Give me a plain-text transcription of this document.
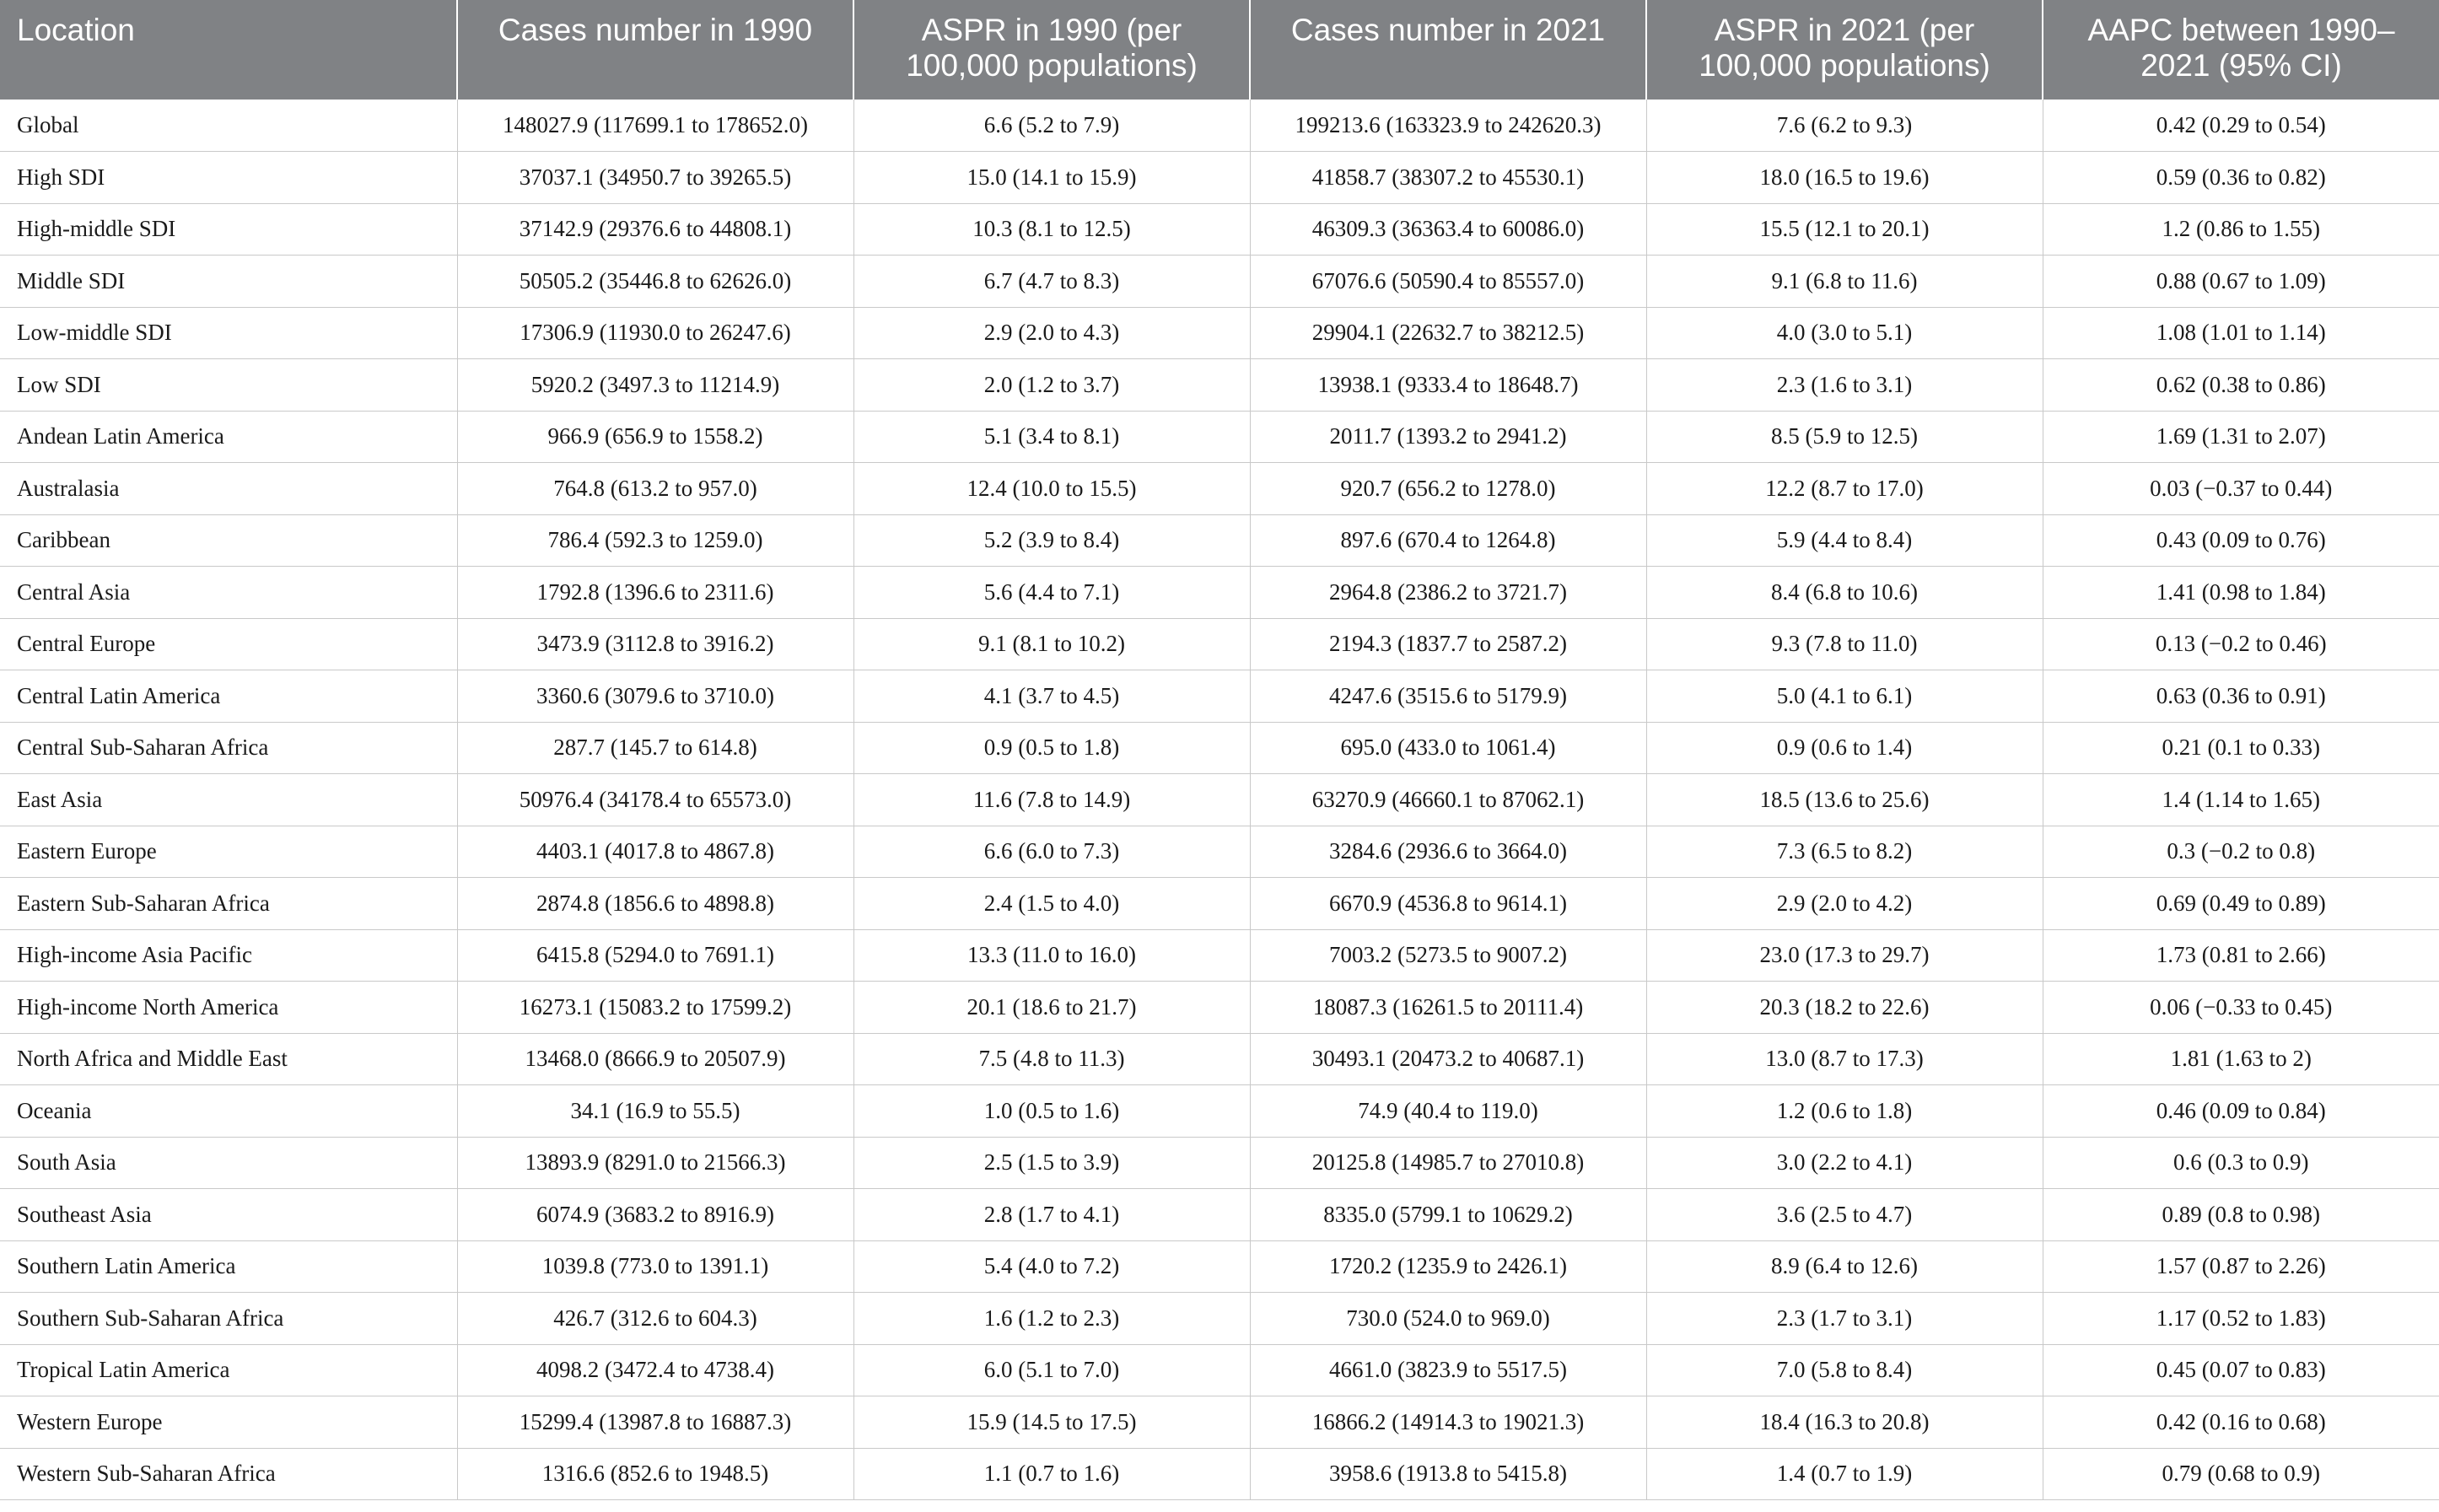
Location	Cases number in 1990	ASPR in 1990 (per 100,000 populations)	Cases number in 2021	ASPR in 2021 (per 100,000 populations)	AAPC between 1990–2021 (95% CI)
Global	148027.9 (117699.1 to 178652.0)	6.6 (5.2 to 7.9)	199213.6 (163323.9 to 242620.3)	7.6 (6.2 to 9.3)	0.42 (0.29 to 0.54)
High SDI	37037.1 (34950.7 to 39265.5)	15.0 (14.1 to 15.9)	41858.7 (38307.2 to 45530.1)	18.0 (16.5 to 19.6)	0.59 (0.36 to 0.82)
High-middle SDI	37142.9 (29376.6 to 44808.1)	10.3 (8.1 to 12.5)	46309.3 (36363.4 to 60086.0)	15.5 (12.1 to 20.1)	1.2 (0.86 to 1.55)
Middle SDI	50505.2 (35446.8 to 62626.0)	6.7 (4.7 to 8.3)	67076.6 (50590.4 to 85557.0)	9.1 (6.8 to 11.6)	0.88 (0.67 to 1.09)
Low-middle SDI	17306.9 (11930.0 to 26247.6)	2.9 (2.0 to 4.3)	29904.1 (22632.7 to 38212.5)	4.0 (3.0 to 5.1)	1.08 (1.01 to 1.14)
Low SDI	5920.2 (3497.3 to 11214.9)	2.0 (1.2 to 3.7)	13938.1 (9333.4 to 18648.7)	2.3 (1.6 to 3.1)	0.62 (0.38 to 0.86)
Andean Latin America	966.9 (656.9 to 1558.2)	5.1 (3.4 to 8.1)	2011.7 (1393.2 to 2941.2)	8.5 (5.9 to 12.5)	1.69 (1.31 to 2.07)
Australasia	764.8 (613.2 to 957.0)	12.4 (10.0 to 15.5)	920.7 (656.2 to 1278.0)	12.2 (8.7 to 17.0)	0.03 (−0.37 to 0.44)
Caribbean	786.4 (592.3 to 1259.0)	5.2 (3.9 to 8.4)	897.6 (670.4 to 1264.8)	5.9 (4.4 to 8.4)	0.43 (0.09 to 0.76)
Central Asia	1792.8 (1396.6 to 2311.6)	5.6 (4.4 to 7.1)	2964.8 (2386.2 to 3721.7)	8.4 (6.8 to 10.6)	1.41 (0.98 to 1.84)
Central Europe	3473.9 (3112.8 to 3916.2)	9.1 (8.1 to 10.2)	2194.3 (1837.7 to 2587.2)	9.3 (7.8 to 11.0)	0.13 (−0.2 to 0.46)
Central Latin America	3360.6 (3079.6 to 3710.0)	4.1 (3.7 to 4.5)	4247.6 (3515.6 to 5179.9)	5.0 (4.1 to 6.1)	0.63 (0.36 to 0.91)
Central Sub-Saharan Africa	287.7 (145.7 to 614.8)	0.9 (0.5 to 1.8)	695.0 (433.0 to 1061.4)	0.9 (0.6 to 1.4)	0.21 (0.1 to 0.33)
East Asia	50976.4 (34178.4 to 65573.0)	11.6 (7.8 to 14.9)	63270.9 (46660.1 to 87062.1)	18.5 (13.6 to 25.6)	1.4 (1.14 to 1.65)
Eastern Europe	4403.1 (4017.8 to 4867.8)	6.6 (6.0 to 7.3)	3284.6 (2936.6 to 3664.0)	7.3 (6.5 to 8.2)	0.3 (−0.2 to 0.8)
Eastern Sub-Saharan Africa	2874.8 (1856.6 to 4898.8)	2.4 (1.5 to 4.0)	6670.9 (4536.8 to 9614.1)	2.9 (2.0 to 4.2)	0.69 (0.49 to 0.89)
High-income Asia Pacific	6415.8 (5294.0 to 7691.1)	13.3 (11.0 to 16.0)	7003.2 (5273.5 to 9007.2)	23.0 (17.3 to 29.7)	1.73 (0.81 to 2.66)
High-income North America	16273.1 (15083.2 to 17599.2)	20.1 (18.6 to 21.7)	18087.3 (16261.5 to 20111.4)	20.3 (18.2 to 22.6)	0.06 (−0.33 to 0.45)
North Africa and Middle East	13468.0 (8666.9 to 20507.9)	7.5 (4.8 to 11.3)	30493.1 (20473.2 to 40687.1)	13.0 (8.7 to 17.3)	1.81 (1.63 to 2)
Oceania	34.1 (16.9 to 55.5)	1.0 (0.5 to 1.6)	74.9 (40.4 to 119.0)	1.2 (0.6 to 1.8)	0.46 (0.09 to 0.84)
South Asia	13893.9 (8291.0 to 21566.3)	2.5 (1.5 to 3.9)	20125.8 (14985.7 to 27010.8)	3.0 (2.2 to 4.1)	0.6 (0.3 to 0.9)
Southeast Asia	6074.9 (3683.2 to 8916.9)	2.8 (1.7 to 4.1)	8335.0 (5799.1 to 10629.2)	3.6 (2.5 to 4.7)	0.89 (0.8 to 0.98)
Southern Latin America	1039.8 (773.0 to 1391.1)	5.4 (4.0 to 7.2)	1720.2 (1235.9 to 2426.1)	8.9 (6.4 to 12.6)	1.57 (0.87 to 2.26)
Southern Sub-Saharan Africa	426.7 (312.6 to 604.3)	1.6 (1.2 to 2.3)	730.0 (524.0 to 969.0)	2.3 (1.7 to 3.1)	1.17 (0.52 to 1.83)
Tropical Latin America	4098.2 (3472.4 to 4738.4)	6.0 (5.1 to 7.0)	4661.0 (3823.9 to 5517.5)	7.0 (5.8 to 8.4)	0.45 (0.07 to 0.83)
Western Europe	15299.4 (13987.8 to 16887.3)	15.9 (14.5 to 17.5)	16866.2 (14914.3 to 19021.3)	18.4 (16.3 to 20.8)	0.42 (0.16 to 0.68)
Western Sub-Saharan Africa	1316.6 (852.6 to 1948.5)	1.1 (0.7 to 1.6)	3958.6 (1913.8 to 5415.8)	1.4 (0.7 to 1.9)	0.79 (0.68 to 0.9)
